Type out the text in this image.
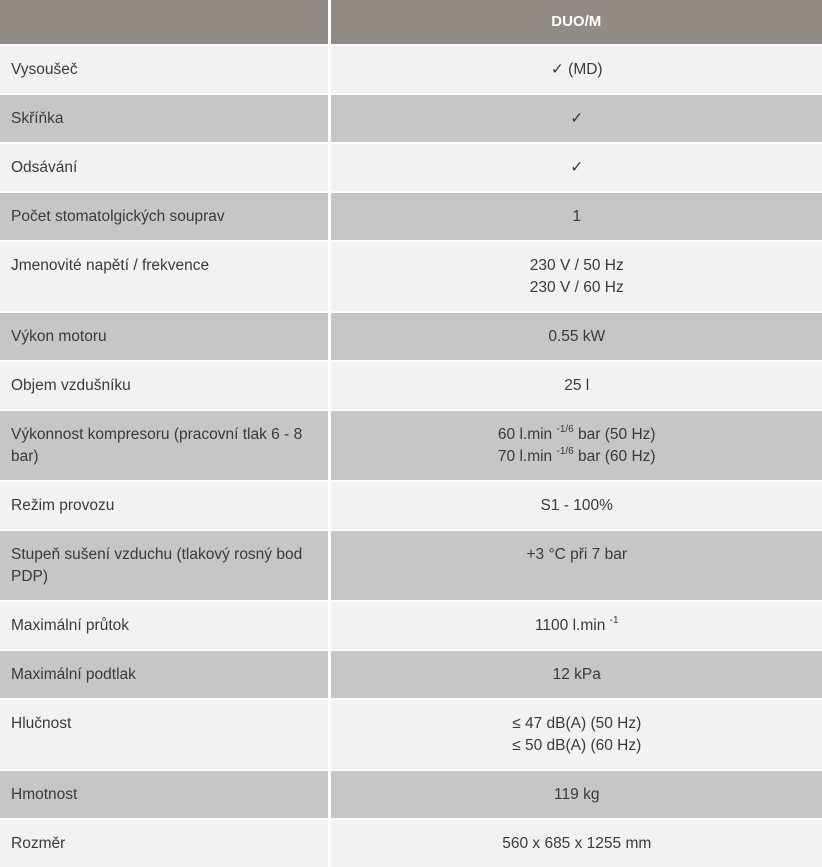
	DUO/M
Vysoušeč	✓ (MD)

Skříňka	✓

Odsávání	✓

Počet stomatolgických souprav	1

Jmenovité napětí / frekvence	230 V / 50 Hz
230 V / 60 Hz

Výkon motoru	0.55 kW

Objem vzdušníku	25 l

Výkonnost kompresoru (pracovní tlak 6 - 8 bar)	60 l.min $^{-1/6}$ bar (50 Hz)
70 l.min $^{-1/6}$ bar (60 Hz)

Režim provozu	S1 - 100%

Stupeň sušení vzduchu (tlakový rosný bod PDP)	+3 °C při 7 bar

Maximální průtok	1100 l.min $^{-1}$

Maximální podtlak	12 kPa

Hlučnost	≤ 47 dB(A) (50 Hz)
≤ 50 dB(A) (60 Hz)

Hmotnost	119 kg

Rozměr	560 x 685 x 1255 mm
